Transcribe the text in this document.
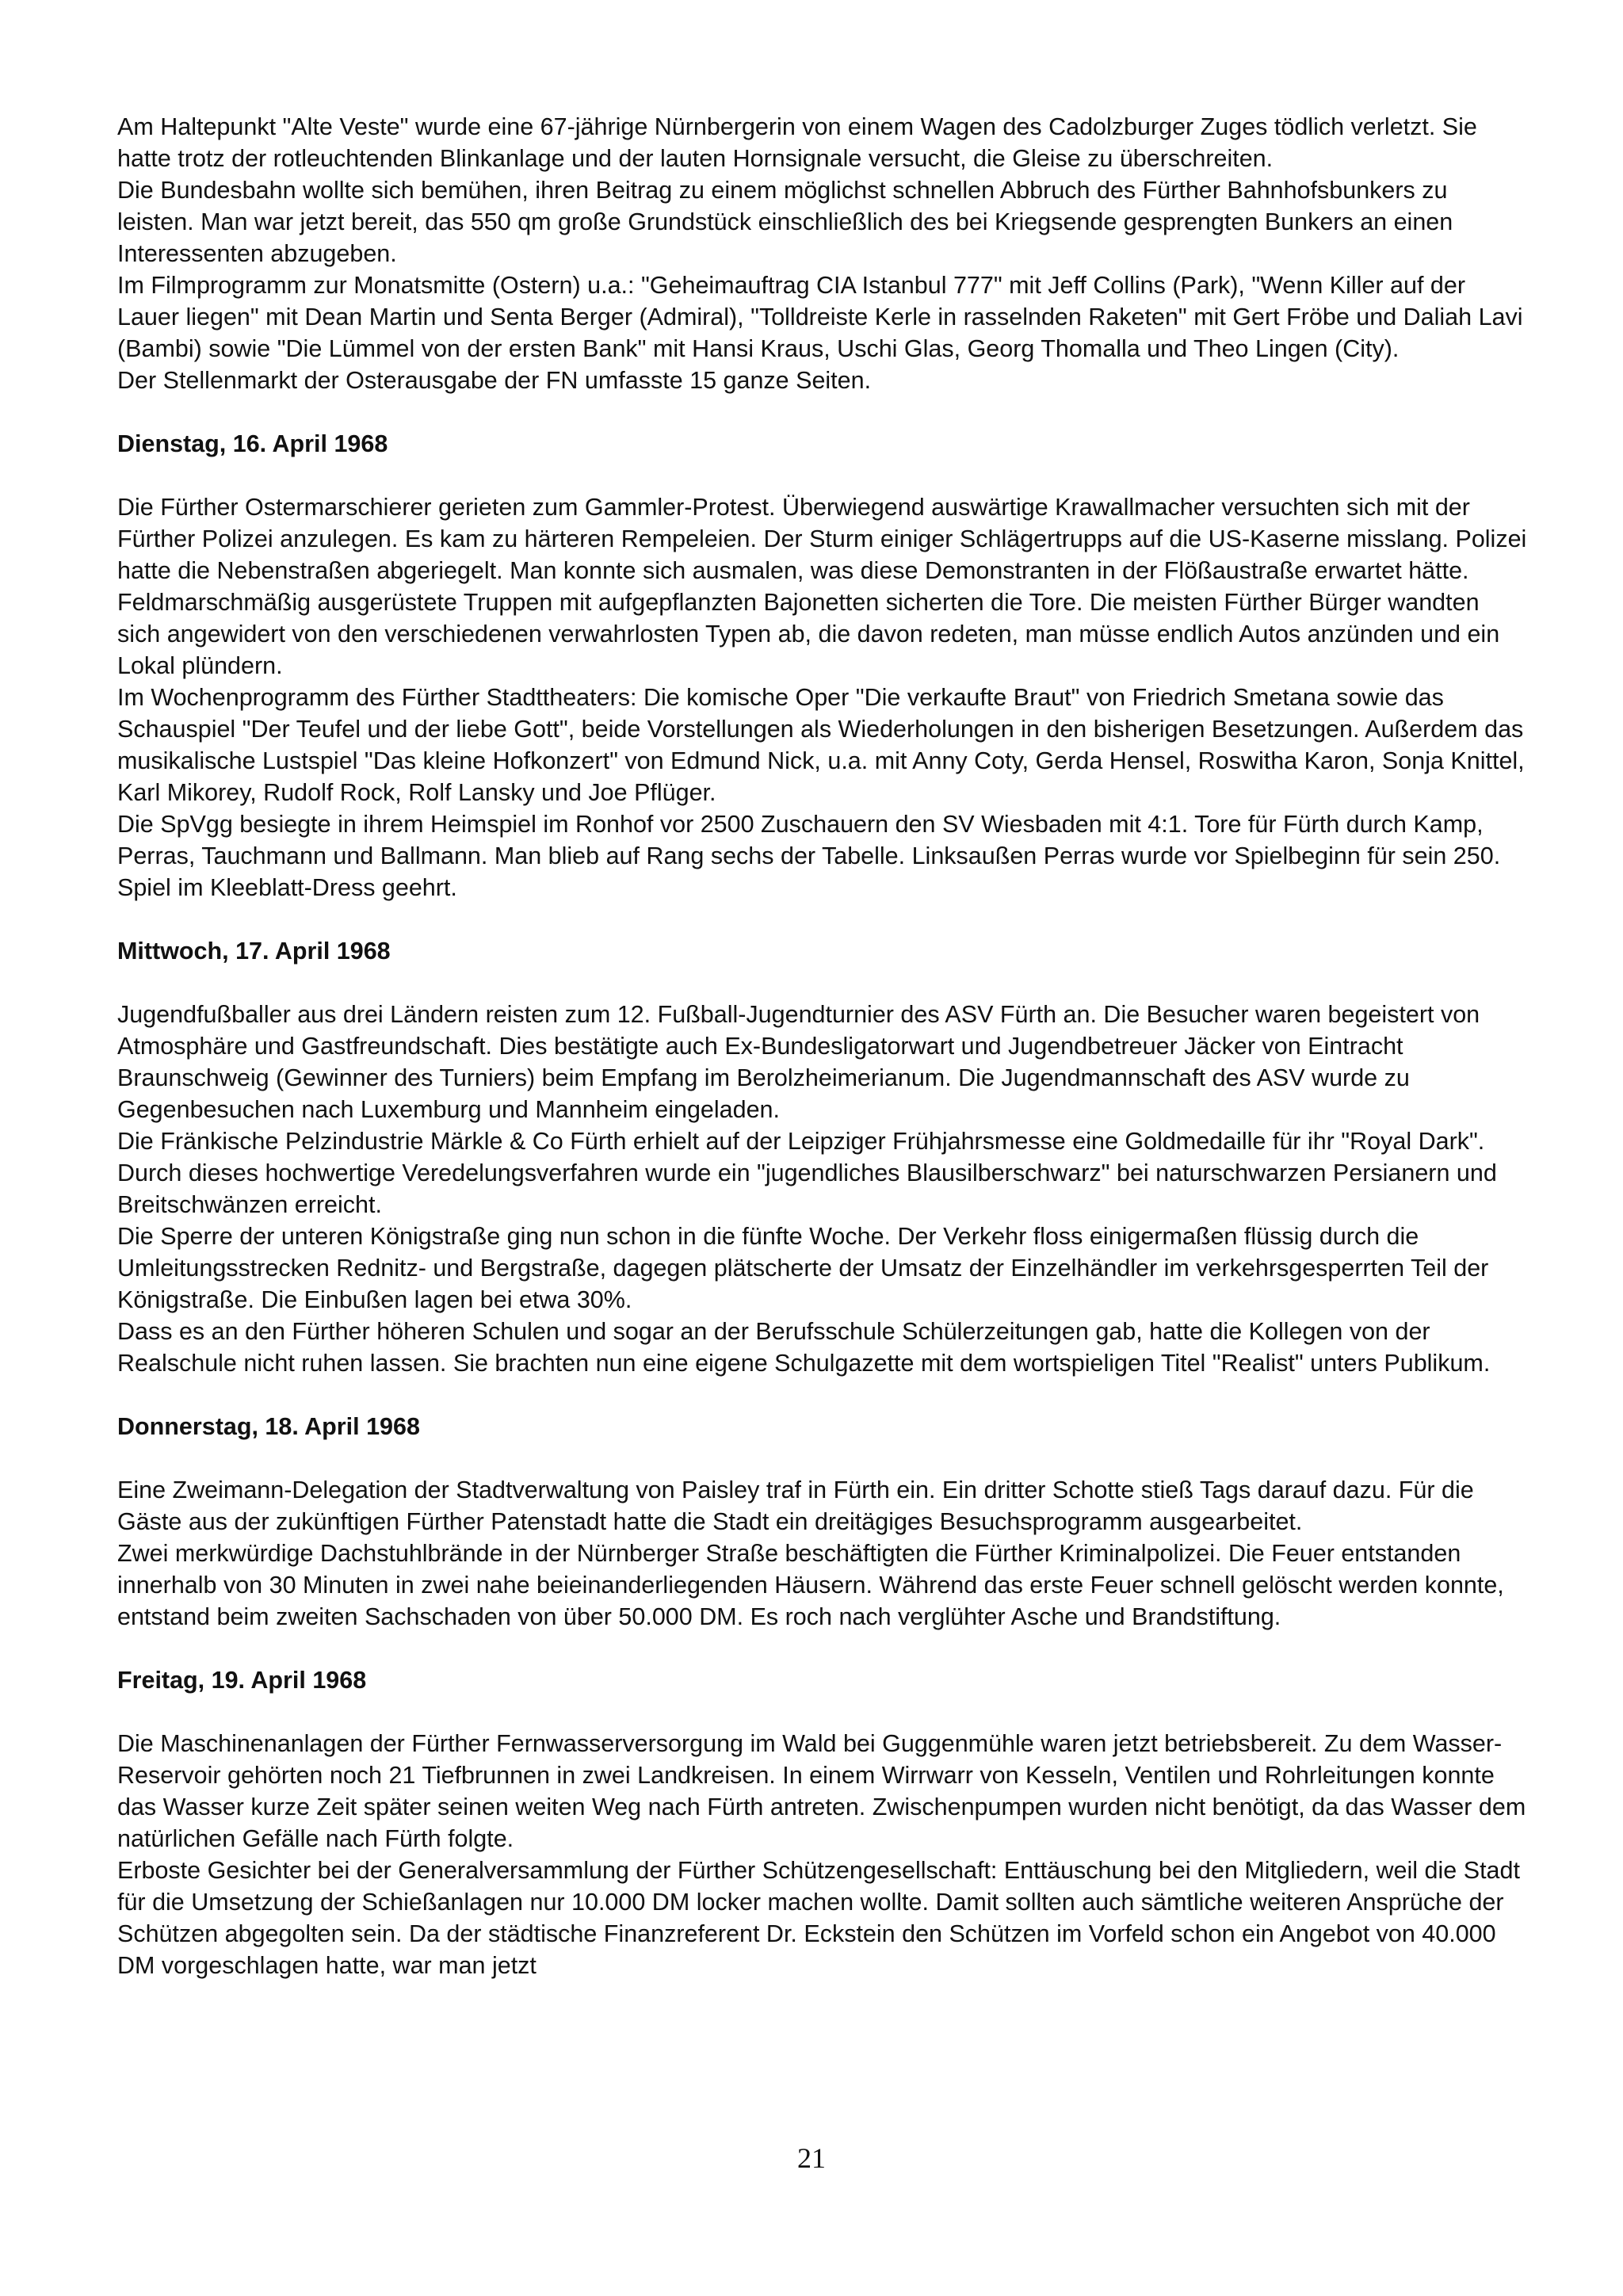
Am Haltepunkt "Alte Veste" wurde eine 67-jährige Nürnbergerin von einem Wagen des Cadolzburger Zuges tödlich verletzt. Sie hatte trotz der rotleuchtenden Blinkanlage und der lauten Hornsignale versucht, die Gleise zu überschreiten.

Die Bundesbahn wollte sich bemühen, ihren Beitrag zu einem möglichst schnellen Abbruch des Fürther Bahnhofsbunkers zu leisten. Man war jetzt bereit, das 550 qm große Grundstück einschließlich des bei Kriegsende gesprengten Bunkers an einen Interessenten abzugeben.

Im Filmprogramm zur Monatsmitte (Ostern) u.a.: "Geheimauftrag CIA Istanbul 777" mit Jeff Collins (Park), "Wenn Killer auf der Lauer liegen" mit Dean Martin und Senta Berger (Admiral), "Tolldreiste Kerle in rasselnden Raketen" mit Gert Fröbe und Daliah Lavi (Bambi) sowie "Die Lümmel von der ersten Bank" mit Hansi Kraus, Uschi Glas, Georg Thomalla und Theo Lingen (City).

Der Stellenmarkt der Osterausgabe der FN umfasste 15 ganze Seiten.

Dienstag, 16. April 1968

Die Fürther Ostermarschierer gerieten zum Gammler-Protest. Überwiegend auswärtige Krawallmacher versuchten sich mit der Fürther Polizei anzulegen. Es kam zu härteren Rempeleien. Der Sturm einiger Schlägertrupps auf die US-Kaserne misslang. Polizei hatte die Nebenstraßen abgeriegelt. Man konnte sich ausmalen, was diese Demonstranten in der Flößaustraße erwartet hätte. Feldmarschmäßig ausgerüstete Truppen mit aufgepflanzten Bajonetten sicherten die Tore. Die meisten Fürther Bürger wandten sich angewidert von den verschiedenen verwahrlosten Typen ab, die davon redeten, man müsse endlich Autos anzünden und ein Lokal plündern.

Im Wochenprogramm des Fürther Stadttheaters: Die komische Oper "Die verkaufte Braut" von Friedrich Smetana sowie das Schauspiel "Der Teufel und der liebe Gott", beide Vorstellungen als Wiederholungen in den bisherigen Besetzungen. Außerdem das musikalische Lustspiel "Das kleine Hofkonzert" von Edmund Nick, u.a. mit Anny Coty, Gerda Hensel, Roswitha Karon, Sonja Knittel, Karl Mikorey, Rudolf Rock, Rolf Lansky und Joe Pflüger.

Die SpVgg besiegte in ihrem Heimspiel im Ronhof vor 2500 Zuschauern den SV Wiesbaden mit 4:1. Tore für Fürth durch Kamp, Perras, Tauchmann und Ballmann. Man blieb auf Rang sechs der Tabelle. Linksaußen Perras wurde vor Spielbeginn für sein 250. Spiel im Kleeblatt-Dress geehrt.

Mittwoch, 17. April 1968

Jugendfußballer aus drei Ländern reisten zum 12. Fußball-Jugendturnier des ASV Fürth an. Die Besucher waren begeistert von Atmosphäre und Gastfreundschaft. Dies bestätigte auch Ex-Bundesligatorwart und Jugendbetreuer Jäcker von Eintracht Braunschweig (Gewinner des Turniers) beim Empfang im Berolzheimerianum. Die Jugendmannschaft des ASV wurde zu Gegenbesuchen nach Luxemburg und Mannheim eingeladen.

Die Fränkische Pelzindustrie Märkle & Co Fürth erhielt auf der Leipziger Frühjahrsmesse eine Goldmedaille für ihr "Royal Dark". Durch dieses hochwertige Veredelungsverfahren wurde ein "jugendliches Blausilberschwarz" bei naturschwarzen Persianern und Breitschwänzen erreicht.

Die Sperre der unteren Königstraße ging nun schon in die fünfte Woche. Der Verkehr floss einigermaßen flüssig durch die Umleitungsstrecken Rednitz- und Bergstraße, dagegen plätscherte der Umsatz der Einzelhändler im verkehrsgesperrten Teil der Königstraße. Die Einbußen lagen bei etwa 30%.

Dass es an den Fürther höheren Schulen und sogar an der Berufsschule Schülerzeitungen gab, hatte die Kollegen von der Realschule nicht ruhen lassen. Sie brachten nun eine eigene Schulgazette mit dem wortspieligen Titel "Realist" unters Publikum.

Donnerstag, 18. April 1968

Eine Zweimann-Delegation der Stadtverwaltung von Paisley traf in Fürth ein. Ein dritter Schotte stieß Tags darauf dazu. Für die Gäste aus der zukünftigen Fürther Patenstadt hatte die Stadt ein dreitägiges Besuchsprogramm ausgearbeitet.

Zwei merkwürdige Dachstuhlbrände in der Nürnberger Straße beschäftigten die Fürther Kriminalpolizei. Die Feuer entstanden innerhalb von 30 Minuten in zwei nahe beieinanderliegenden Häusern. Während das erste Feuer schnell gelöscht werden konnte, entstand beim zweiten Sachschaden von über 50.000 DM. Es roch nach verglühter Asche und Brandstiftung.

Freitag, 19. April 1968

Die Maschinenanlagen der Fürther Fernwasserversorgung im Wald bei Guggenmühle waren jetzt betriebsbereit. Zu dem Wasser-Reservoir gehörten noch 21 Tiefbrunnen in zwei Landkreisen. In einem Wirrwarr von Kesseln, Ventilen und Rohrleitungen konnte das Wasser kurze Zeit später seinen weiten Weg nach Fürth antreten. Zwischenpumpen wurden nicht benötigt, da das Wasser dem natürlichen Gefälle nach Fürth folgte.

Erboste Gesichter bei der Generalversammlung der Fürther Schützengesellschaft: Enttäuschung bei den Mitgliedern, weil die Stadt für die Umsetzung der Schießanlagen nur 10.000 DM locker machen wollte. Damit sollten auch sämtliche weiteren Ansprüche der Schützen abgegolten sein. Da der städtische Finanzreferent Dr. Eckstein den Schützen im Vorfeld schon ein Angebot von 40.000 DM vorgeschlagen hatte, war man jetzt

21
